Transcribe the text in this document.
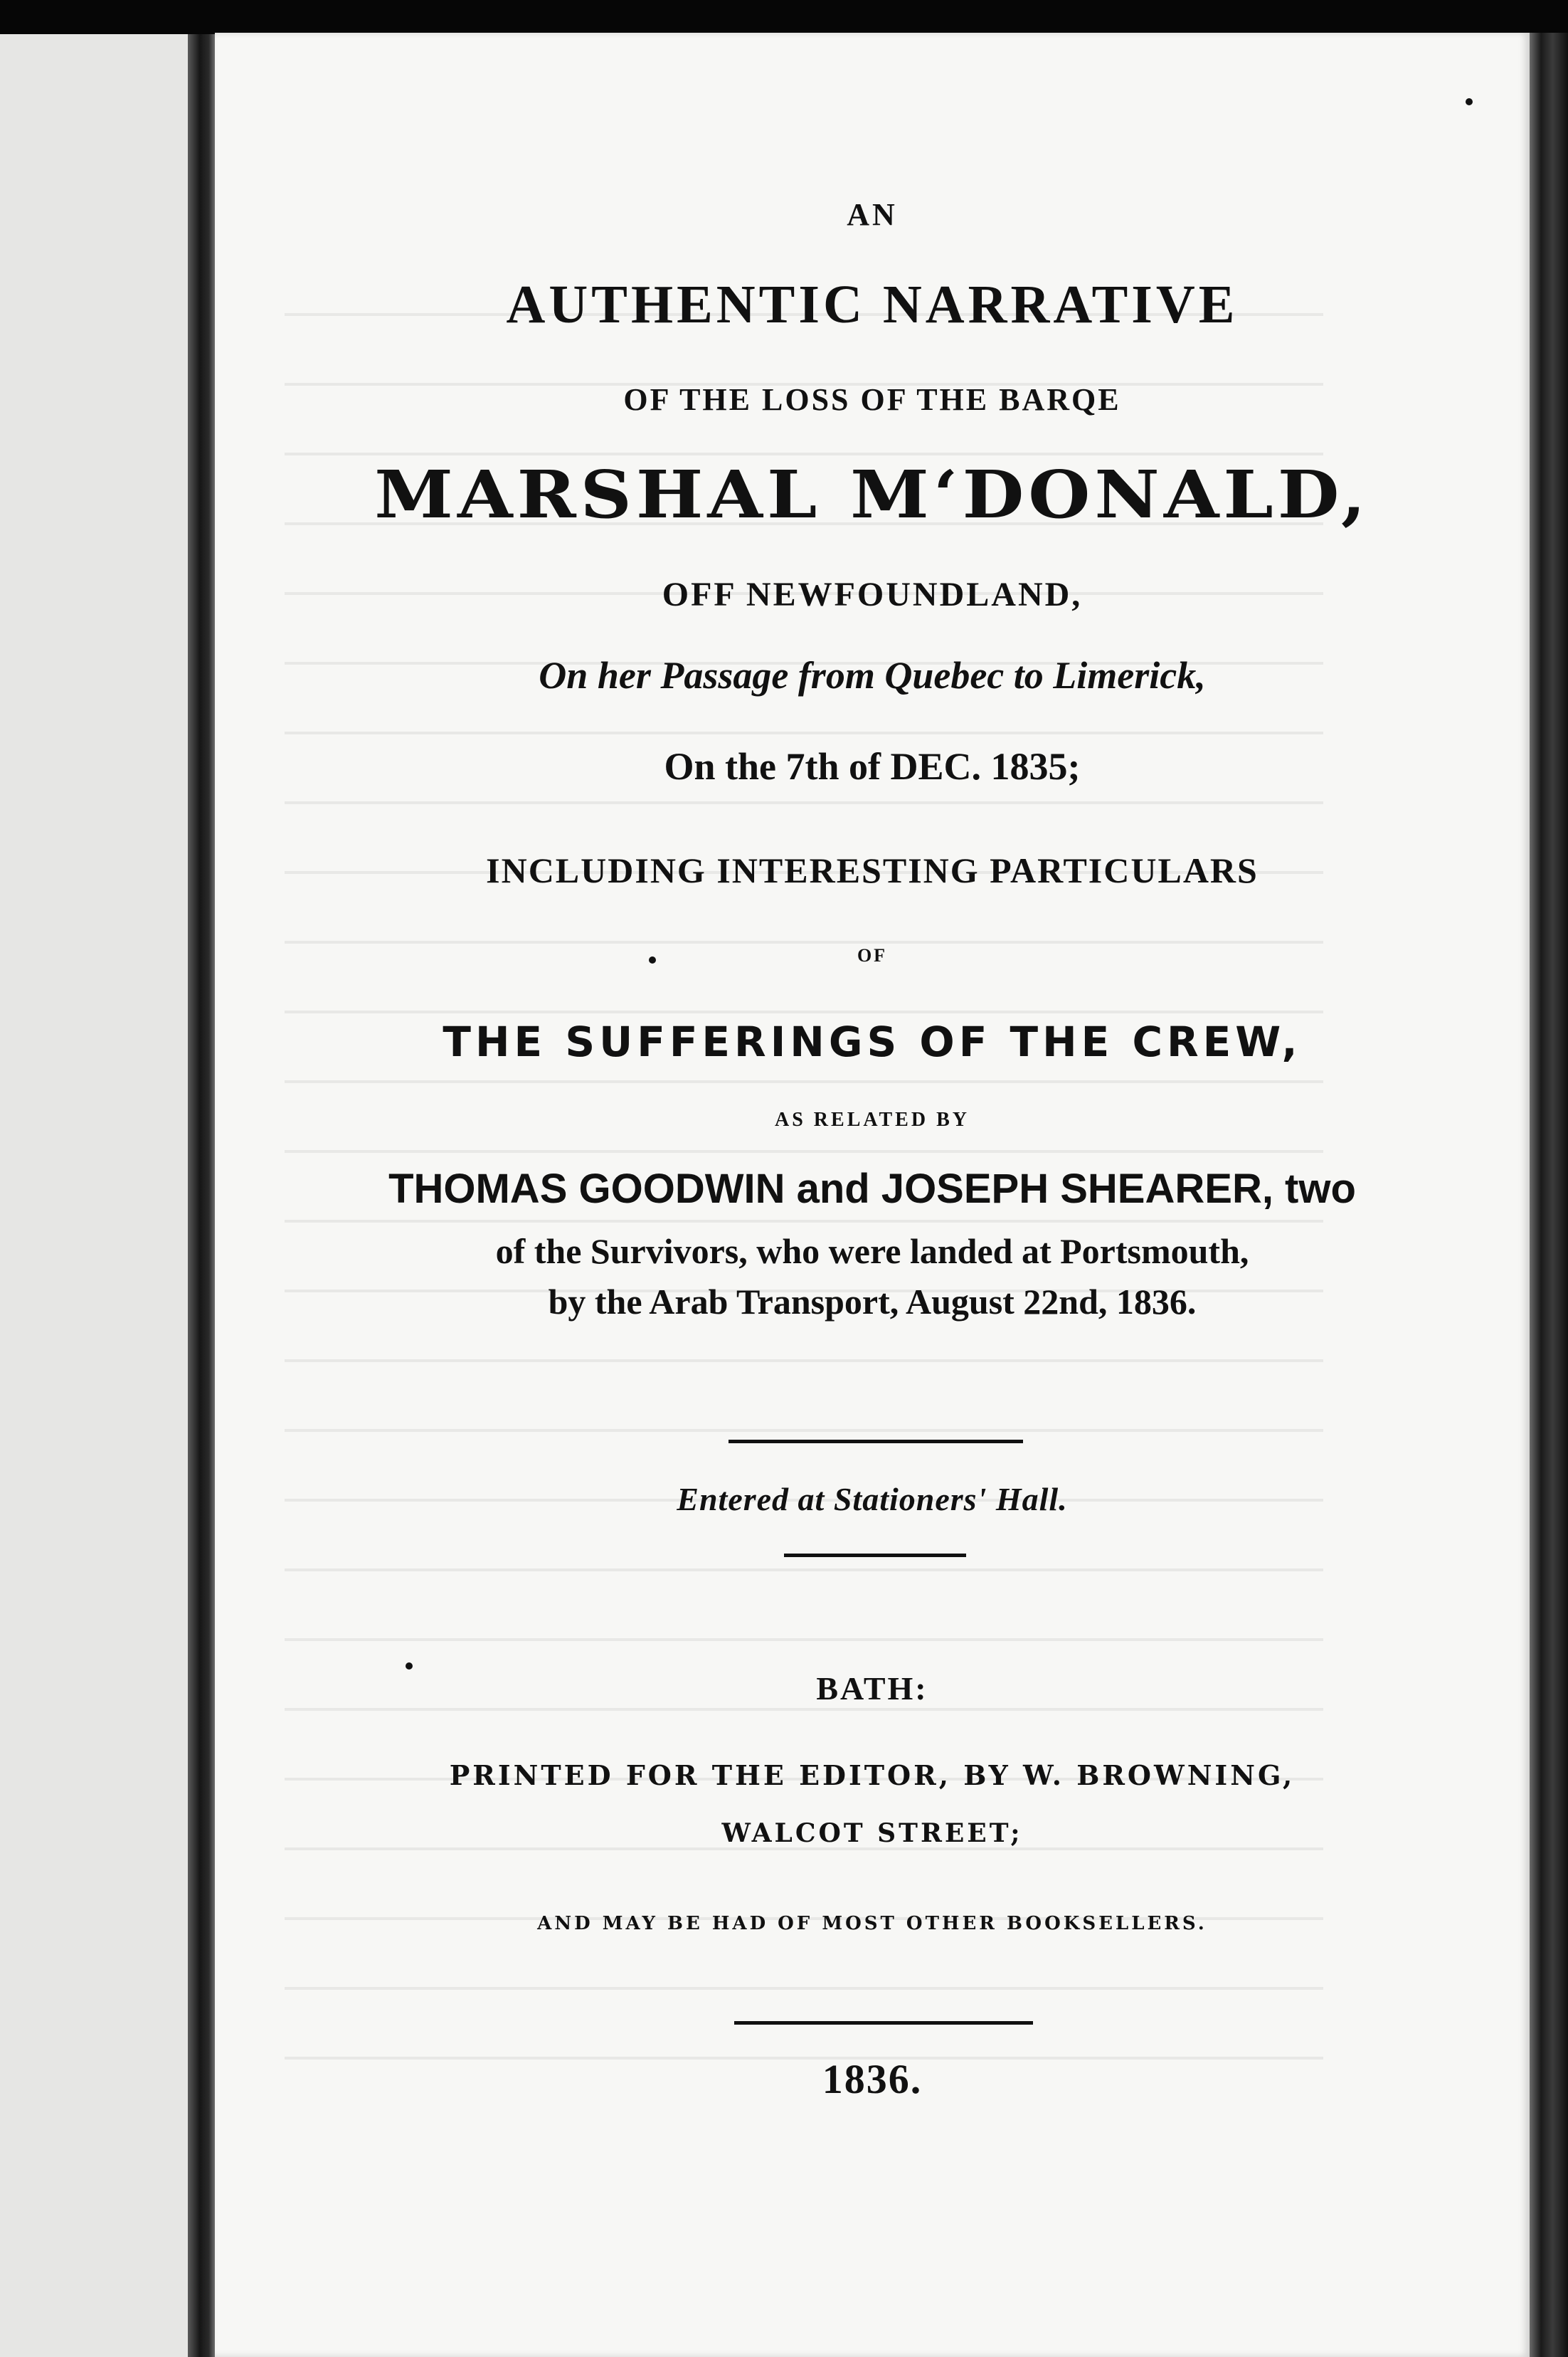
AN
AUTHENTIC NARRATIVE
OF THE LOSS OF THE BARQE
MARSHAL M‘DONALD,
OFF NEWFOUNDLAND,
On her Passage from Quebec to Limerick,
On the 7th of DEC. 1835;
INCLUDING INTERESTING PARTICULARS
OF
THE SUFFERINGS OF THE CREW,
AS RELATED BY
THOMAS GOODWIN and JOSEPH SHEARER, two
of the Survivors, who were landed at Portsmouth,
by the Arab Transport, August 22nd, 1836.
Entered at Stationers' Hall.
BATH:
PRINTED FOR THE EDITOR, BY W. BROWNING,
WALCOT STREET;
AND MAY BE HAD OF MOST OTHER BOOKSELLERS.
1836.
